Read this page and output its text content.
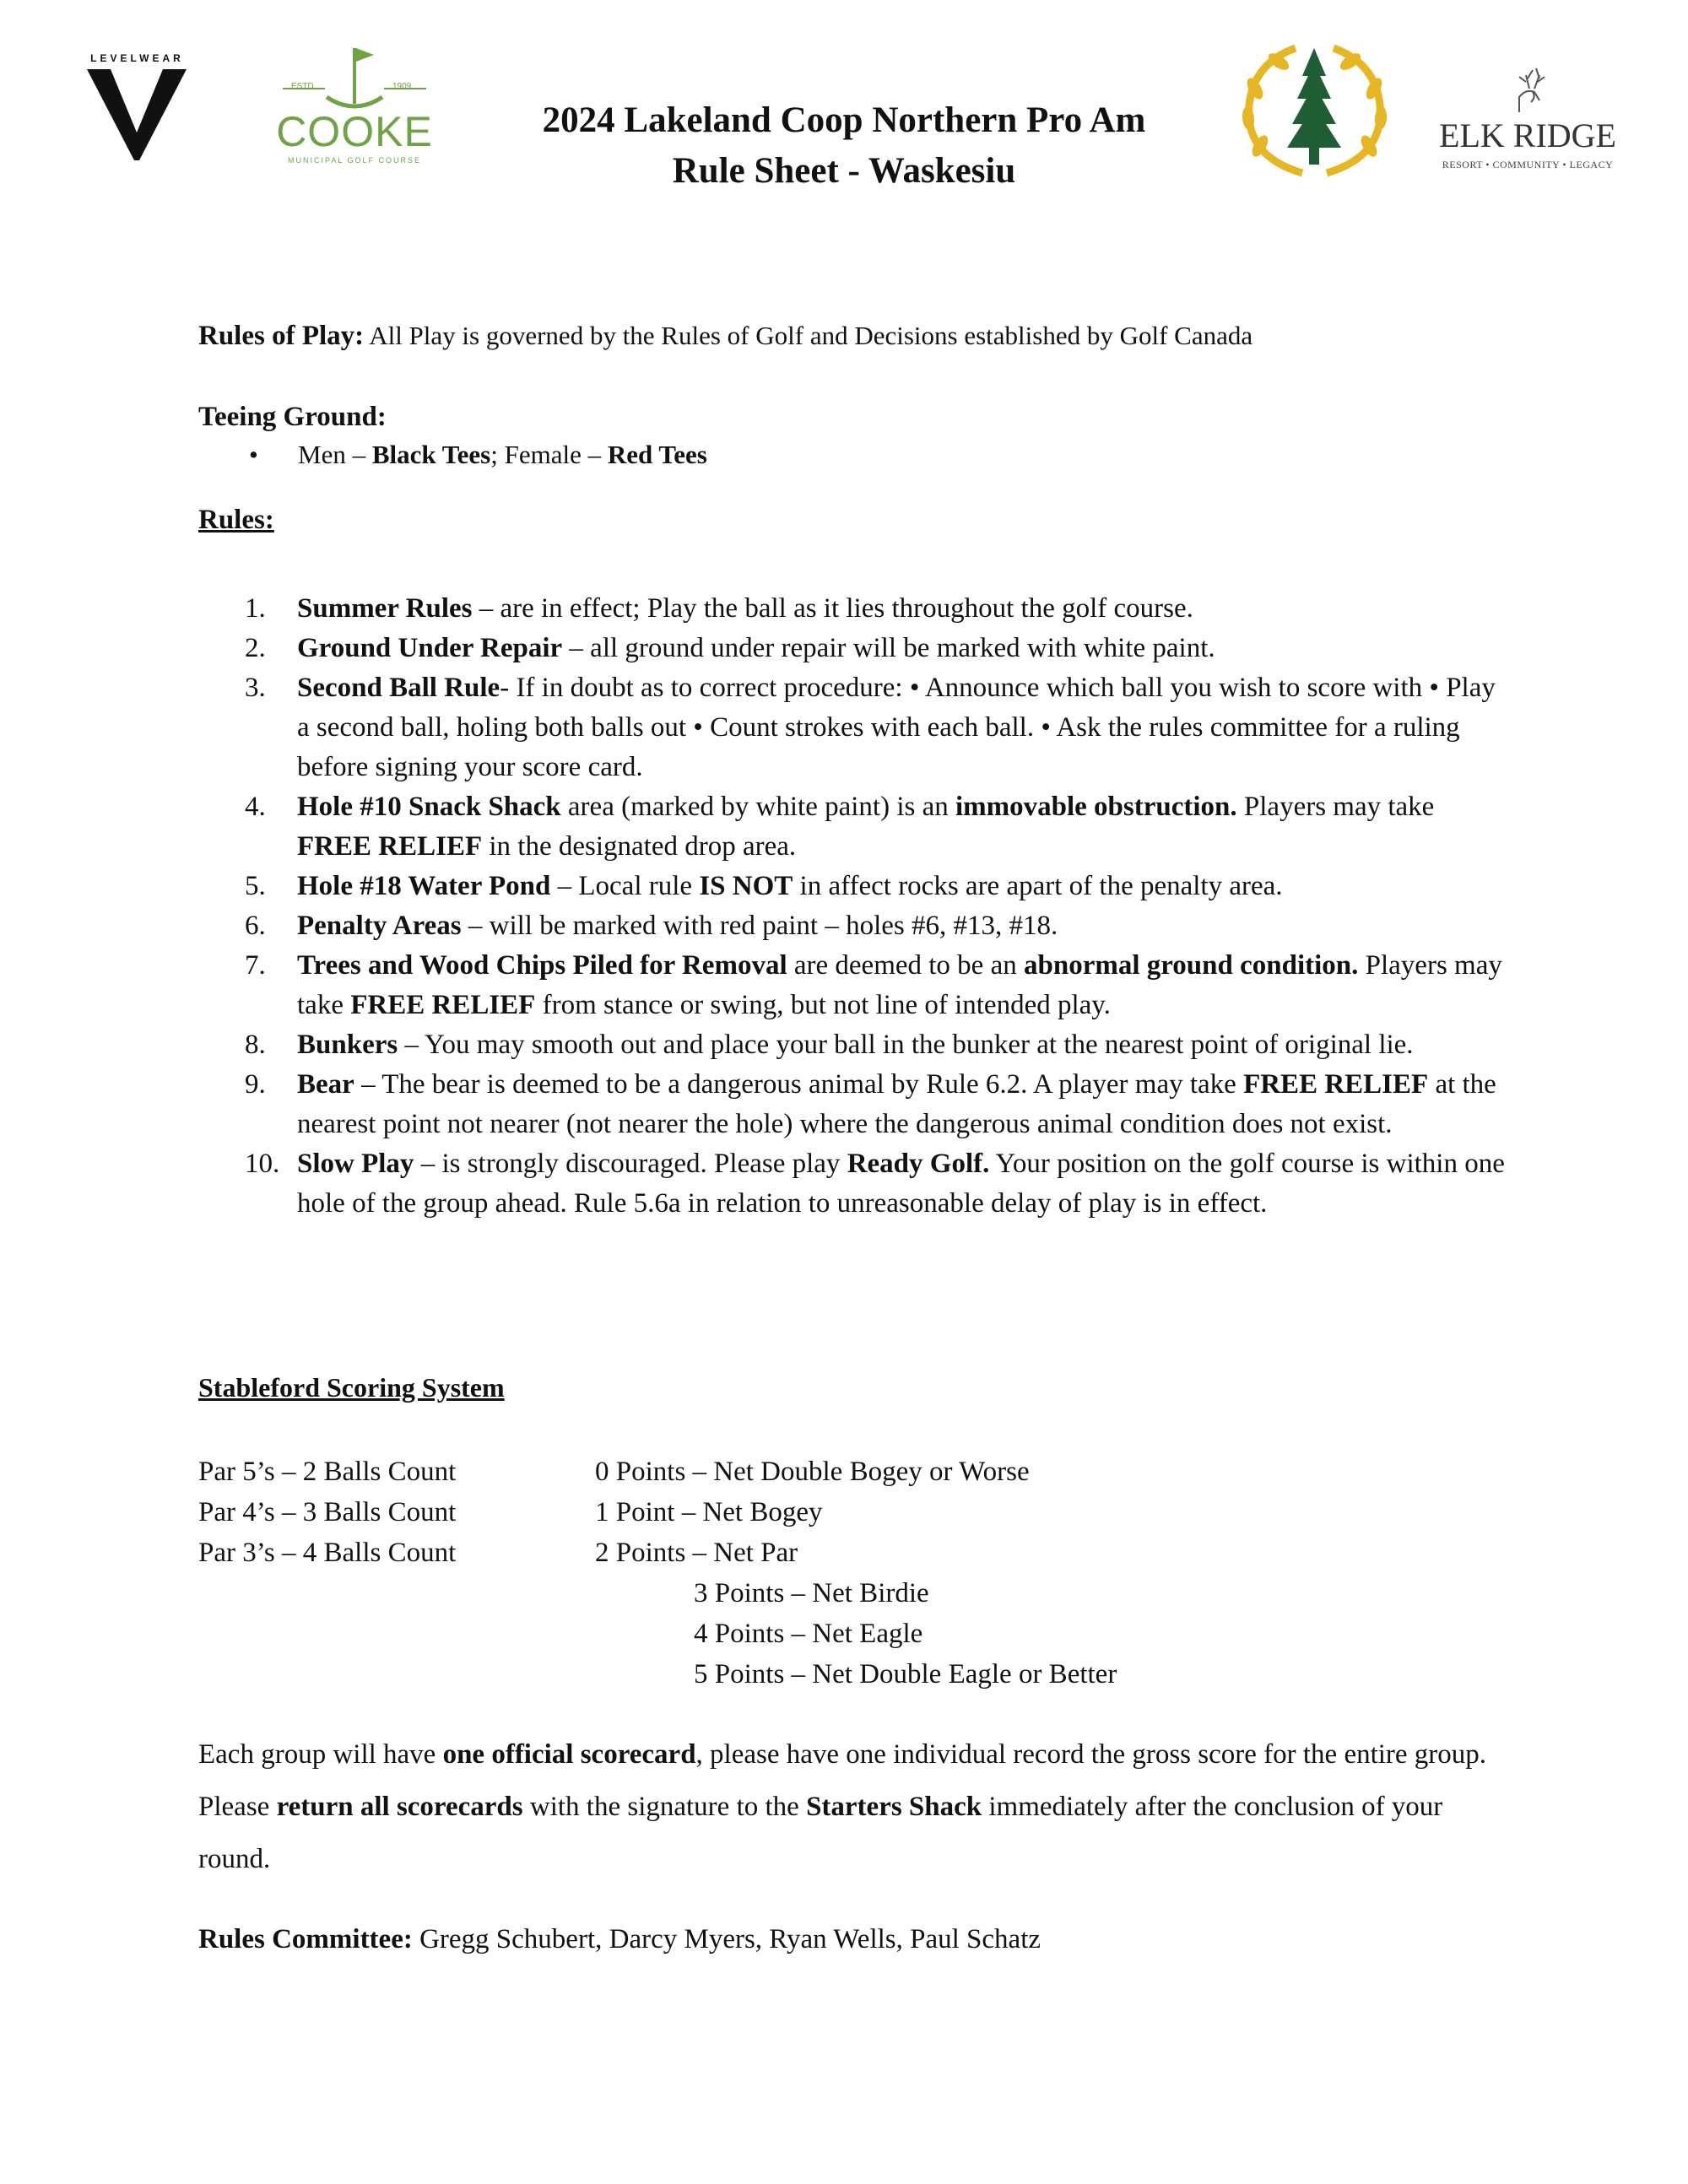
LEVELWEAR
ESTD	1909
COOKE
MUNICIPAL GOLF COURSE
ELK RIDGE
RESORT • COMMUNITY • LEGACY
2024 Lakeland Coop Northern Pro Am
Rule Sheet - Waskesiu
Rules of Play: All Play is governed by the Rules of Golf and Decisions established by Golf Canada
Teeing Ground:
• Men – Black Tees; Female – Red Tees
Rules:
1.	Summer Rules – are in effect; Play the ball as it lies throughout the golf course.
2.	Ground Under Repair – all ground under repair will be marked with white paint.
3.	Second Ball Rule- If in doubt as to correct procedure: • Announce which ball you wish to score with • Play a second ball, holing both balls out • Count strokes with each ball. • Ask the rules committee for a ruling before signing your score card.
4.	Hole #10 Snack Shack area (marked by white paint) is an immovable obstruction. Players may take FREE RELIEF in the designated drop area.
5.	Hole #18 Water Pond – Local rule IS NOT in affect rocks are apart of the penalty area.
6.	Penalty Areas – will be marked with red paint – holes #6, #13, #18.
7.	Trees and Wood Chips Piled for Removal are deemed to be an abnormal ground condition. Players may take FREE RELIEF from stance or swing, but not line of intended play.
8.	Bunkers – You may smooth out and place your ball in the bunker at the nearest point of original lie.
9.	Bear – The bear is deemed to be a dangerous animal by Rule 6.2. A player may take FREE RELIEF at the nearest point not nearer (not nearer the hole) where the dangerous animal condition does not exist.
10. Slow Play – is strongly discouraged. Please play Ready Golf. Your position on the golf course is within one hole of the group ahead. Rule 5.6a in relation to unreasonable delay of play is in effect.
Stableford Scoring System
Par 5’s – 2 Balls Count
Par 4’s – 3 Balls Count
Par 3’s – 4 Balls Count
0 Points – Net Double Bogey or Worse
1 Point – Net Bogey
2 Points – Net Par
3 Points – Net Birdie
4 Points – Net Eagle
5 Points – Net Double Eagle or Better
Each group will have one official scorecard, please have one individual record the gross score for the entire group. Please return all scorecards with the signature to the Starters Shack immediately after the conclusion of your round.
Rules Committee: Gregg Schubert, Darcy Myers, Ryan Wells, Paul Schatz
